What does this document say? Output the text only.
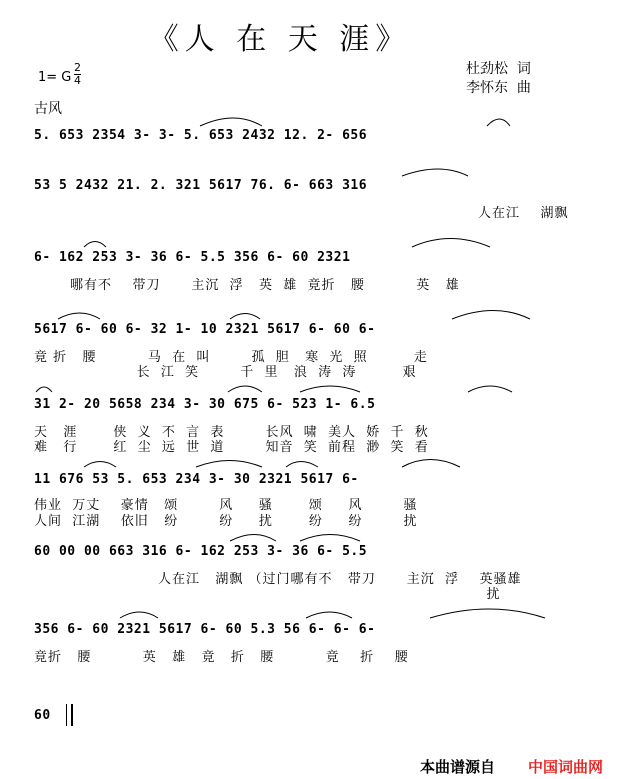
《人 在 天 涯》
杜劲松  词
李怀东  曲
1= G $\frac{2}{4}$
古风
5. 653 2354 3- 3- 5. 653 2432 12. 2- 656
53 5 2432 21. 2. 321 5617 76. 6- 663 316
人在江    湖飘
6- 162 253 3- 36 6- 5.5 356 6- 60 2321
哪有不    带刀      主沉  浮   英  雄  竟折   腰          英   雄
5617 6- 60 6- 32 1- 10 2321 5617 6- 60 6-
竟 折   腰          马  在  叫        孤  胆   寒  光  照         走
长  江  笑        千  里   浪  涛  涛         艰
31 2- 20 5658 234 3- 30 675 6- 523 1- 6.5
天   涯       侠  义  不  言  表        长风  啸  美人  娇  千  秋
难   行       红  尘  远  世  道        知音  笑  前程  渺  笑  看
11 676 53 5. 653 234 3- 30 2321 5617 6-
伟业  万丈    豪情   颂        风     骚       颂     风        骚
人间  江湖    依旧   纷        纷     扰       纷     纷        扰
60 00 00 663 316 6- 162 253 3- 36 6- 5.5
人在江   湖飘 （过门哪有不   带刀      主沉  浮    英骚雄
扰
356 6- 60 2321 5617 6- 60 5.3 56 6- 6- 6-
竟折   腰          英   雄   竟   折   腰          竟    折    腰
60
本曲谱源自 中国词曲网
